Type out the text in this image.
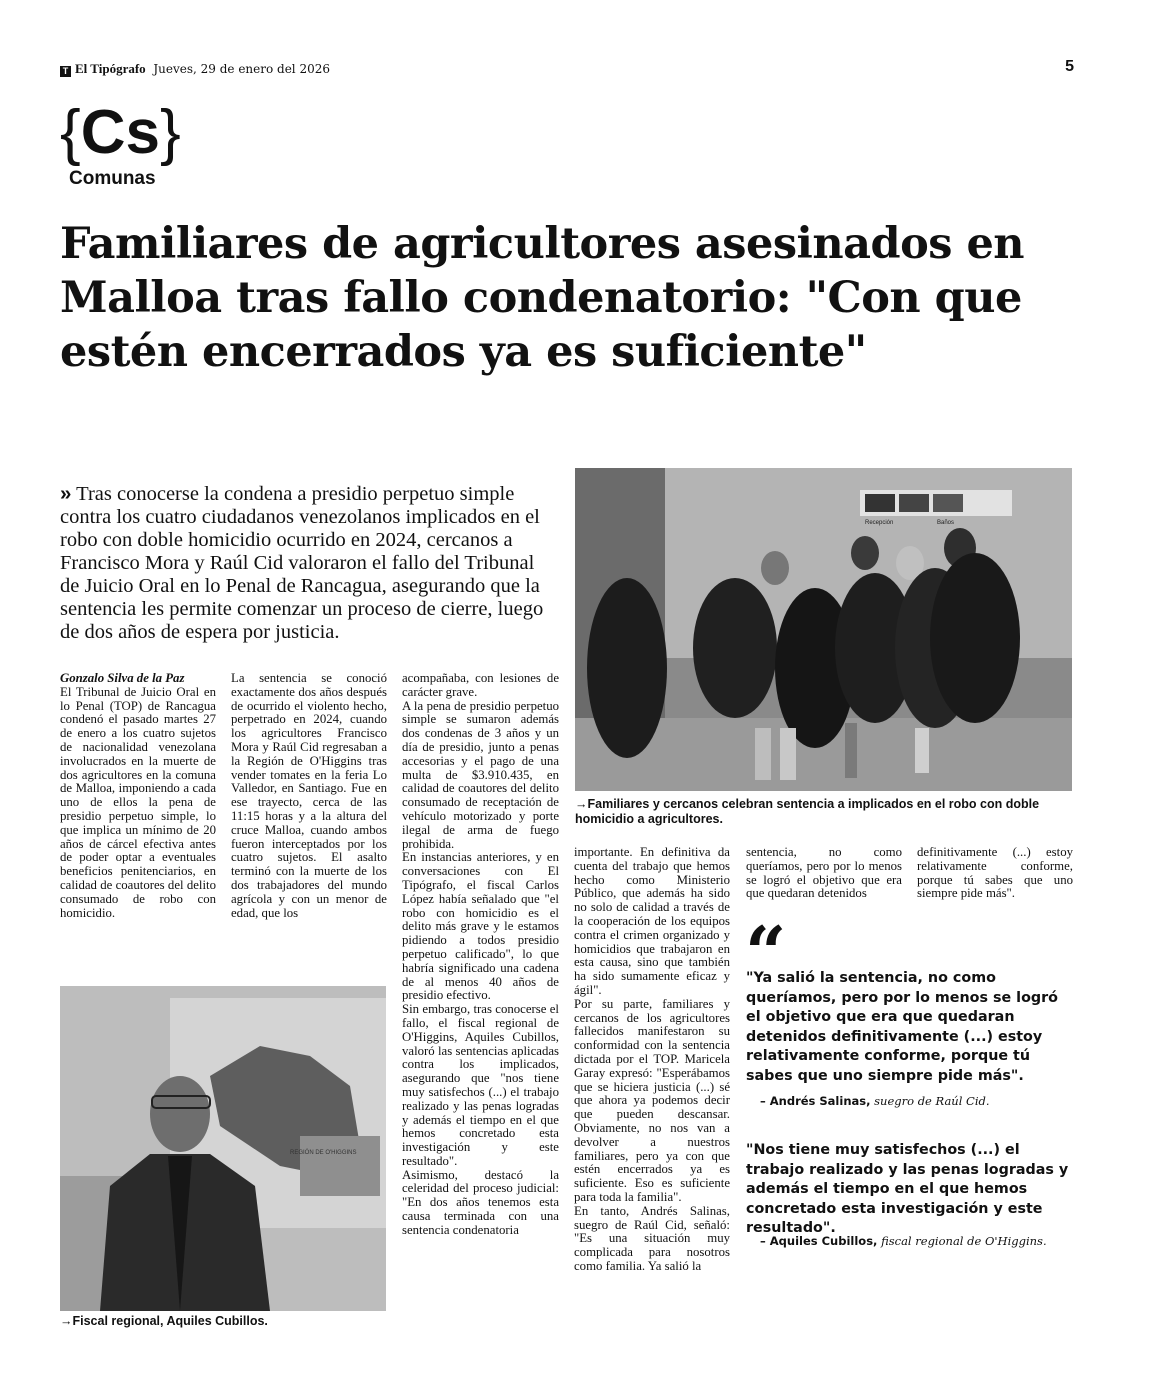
T El Tipógrafo Jueves, 29 de enero del 2026	5
{Cs}
Comunas
Familiares de agricultores asesinados en Malloa tras fallo condenatorio: "Con que estén encerrados ya es suficiente"
» Tras conocerse la condena a presidio perpetuo simple contra los cuatro ciudadanos venezolanos implicados en el robo con doble homicidio ocurrido en 2024, cercanos a Francisco Mora y Raúl Cid valoraron el fallo del Tribunal de Juicio Oral en lo Penal de Rancagua, asegurando que la sentencia les permite comenzar un proceso de cierre, luego de dos años de espera por justicia.
Recepción	Baños
→Familiares y cercanos celebran sentencia a implicados en el robo con doble homicidio a agricultores.
REGIÓN DE O'HIGGINS
→Fiscal regional, Aquiles Cubillos.

Gonzalo Silva de la Paz

El Tribunal de Juicio Oral en lo Penal (TOP) de Rancagua condenó el pasado martes 27 de enero a los cuatro sujetos de nacionalidad venezolana involucrados en la muerte de dos agricultores en la comuna de Malloa, imponiendo a cada uno de ellos la pena de presidio perpetuo simple, lo que implica un mínimo de 20 años de cárcel efectiva antes de poder optar a eventuales beneficios penitenciarios, en calidad de coautores del delito consumado de robo con homicidio.

La sentencia se conoció exactamente dos años después de ocurrido el violento hecho, perpetrado en 2024, cuando los agricultores Francisco Mora y Raúl Cid regresaban a la Región de O'Higgins tras vender tomates en la feria Lo Valledor, en Santiago. Fue en ese trayecto, cerca de las 11:15 horas y a la altura del cruce Malloa, cuando ambos fueron interceptados por los cuatro sujetos. El asalto terminó con la muerte de los dos trabajadores del mundo agrícola y con un menor de edad, que los

acompañaba, con lesiones de carácter grave.

A la pena de presidio perpetuo simple se sumaron además dos condenas de 3 años y un día de presidio, junto a penas accesorias y el pago de una multa de $3.910.435, en calidad de coautores del delito consumado de receptación de vehículo motorizado y porte ilegal de arma de fuego prohibida.

En instancias anteriores, y en conversaciones con El Tipógrafo, el fiscal Carlos López había señalado que "el robo con homicidio es el delito más grave y le estamos pidiendo a todos presidio perpetuo calificado", lo que habría significado una cadena de al menos 40 años de presidio efectivo.

Sin embargo, tras conocerse el fallo, el fiscal regional de O'Higgins, Aquiles Cubillos, valoró las sentencias aplicadas contra los implicados, asegurando que "nos tiene muy satisfechos (...) el trabajo realizado y las penas logradas y además el tiempo en el que hemos concretado esta investigación y este resultado".

Asimismo, destacó la celeridad del proceso judicial: "En dos años tenemos esta causa terminada con una sentencia condenatoria

importante. En definitiva da cuenta del trabajo que hemos hecho como Ministerio Público, que además ha sido no solo de calidad a través de la cooperación de los equipos contra el crimen organizado y homicidios que trabajaron en esta causa, sino que también ha sido sumamente eficaz y ágil".

Por su parte, familiares y cercanos de los agricultores fallecidos manifestaron su conformidad con la sentencia dictada por el TOP. Maricela Garay expresó: "Esperábamos que se hiciera justicia (...) sé que ahora ya podemos decir que pueden descansar. Obviamente, no nos van a devolver a nuestros familiares, pero ya con que estén encerrados ya es suficiente. Eso es suficiente para toda la familia".

En tanto, Andrés Salinas, suegro de Raúl Cid, señaló: "Es una situación muy complicada para nosotros como familia. Ya salió la

sentencia, no como queríamos, pero por lo menos se logró el objetivo que era que quedaran detenidos

definitivamente (...) estoy relativamente conforme, porque tú sabes que uno siempre pide más".

“
"Ya salió la sentencia, no como queríamos, pero por lo menos se logró el objetivo que era que quedaran detenidos definitivamente (...) estoy relativamente conforme, porque tú sabes que uno siempre pide más".
– Andrés Salinas, suegro de Raúl Cid.
"Nos tiene muy satisfechos (...) el trabajo realizado y las penas logradas y además el tiempo en el que hemos concretado esta investigación y este resultado".
– Aquiles Cubillos, fiscal regional de O'Higgins.
